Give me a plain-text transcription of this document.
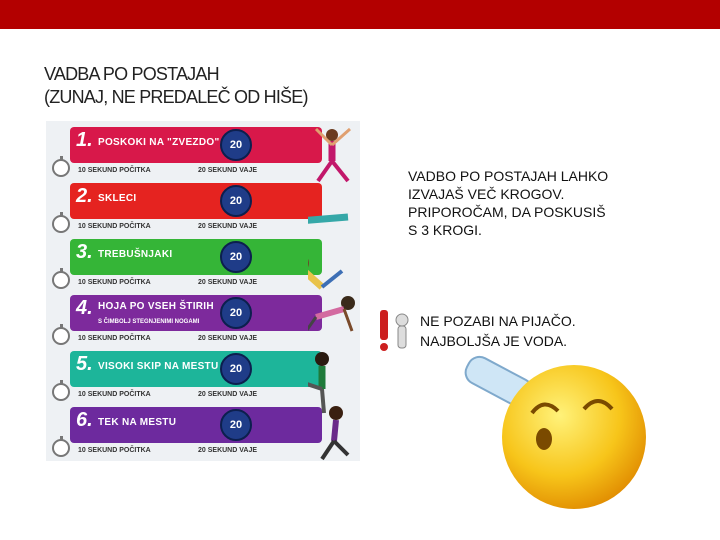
VADBA PO POSTAJAH
(ZUNAJ, NE PREDALEČ OD HIŠE)
1. POSKOKI NA "ZVEZDO" 20
10 SEKUND POČITKA	20 SEKUND VAJE
2. SKLECI	20
10 SEKUND POČITKA	20 SEKUND VAJE
3. TREBUŠNJAKI	20
10 SEKUND POČITKA	20 SEKUND VAJE
4. HOJA PO VSEH ŠTIRIH
S ČIMBOLJ STEGNJENIMI NOGAMI
20
10 SEKUND POČITKA	20 SEKUND VAJE
5. VISOKI SKIP NA MESTU	20
10 SEKUND POČITKA	20 SEKUND VAJE
6. TEK NA MESTU	20
10 SEKUND POČITKA	20 SEKUND VAJE
VADBO PO POSTAJAH LAHKO
IZVAJAŠ VEČ KROGOV.
PRIPOROČAM, DA POSKUSIŠ
S 3 KROGI.
NE POZABI NA PIJAČO.
NAJBOLJŠA JE VODA.
